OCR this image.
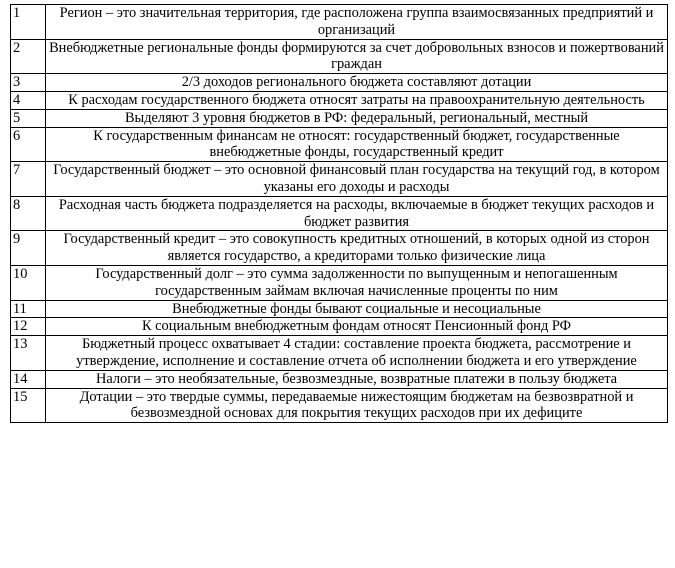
1	Регион – это значительная территория, где расположена группа взаимосвязанных предприятий и организаций
2	Внебюджетные региональные фонды формируются за счет добровольных взносов и пожертвований граждан
3	2/3 доходов регионального бюджета составляют дотации
4	К расходам государственного бюджета относят затраты на правоохранительную деятельность
5	Выделяют 3 уровня бюджетов в РФ: федеральный, региональный, местный
6	К государственным финансам не относят: государственный бюджет, государственные внебюджетные фонды, государственный кредит
7	Государственный бюджет – это основной финансовый план государства на текущий год, в котором указаны его доходы и расходы
8	Расходная часть бюджета подразделяется на расходы, включаемые в бюджет текущих расходов и бюджет развития
9	Государственный кредит – это совокупность кредитных отношений, в которых одной из сторон является государство, а кредиторами только физические лица
10	Государственный долг – это сумма задолженности по выпущенным и непогашенным государственным займам включая начисленные проценты по ним
11	Внебюджетные фонды бывают социальные и несоциальные
12	К социальным внебюджетным фондам относят Пенсионный фонд РФ
13	Бюджетный процесс охватывает 4 стадии: составление проекта бюджета, рассмотрение и утверждение, исполнение и составление отчета об исполнении бюджета и его утверждение
14	Налоги – это необязательные, безвозмездные, возвратные платежи в пользу бюджета
15	Дотации – это твердые суммы, передаваемые нижестоящим бюджетам на безвозвратной и безвозмездной основах для покрытия текущих расходов при их дефиците
